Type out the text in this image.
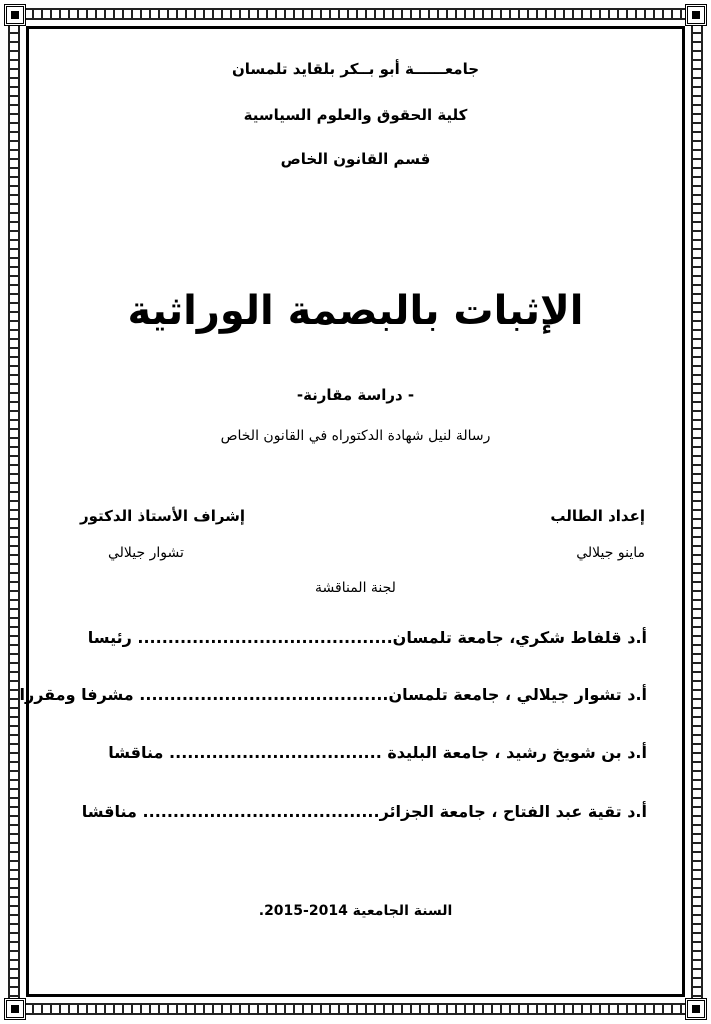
جامعــــــة أبو بــكر بلقايد تلمسان
كلية الحقوق والعلوم السياسية
قسم القانون الخاص
الإثبات بالبصمة الوراثية
- دراسة مقارنة-
رسالة لنيل شهادة الدكتوراه في القانون الخاص
إعداد الطالب
إشراف الأستاذ الدكتور
ماينو جيلالي
تشوار جيلالي
لجنة المناقشة
أ.د قلفاط شكري، جامعة تلمسان.......................................... رئيسا
أ.د تشوار جيلالي ، جامعة تلمسان......................................... مشرفا ومقررا
أ.د بن شويخ رشيد ، جامعة البليدة ................................... مناقشا
أ.د تقية عبد الفتاح ، جامعة الجزائر....................................... مناقشا
السنة الجامعية 2014-2015.
